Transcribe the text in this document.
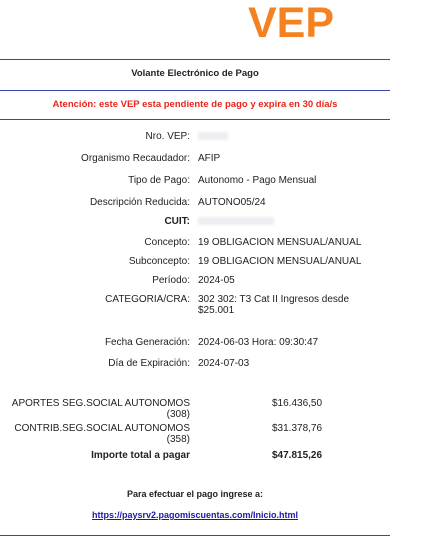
VEP
Volante Electrónico de Pago
Atención: este VEP esta pendiente de pago y expira en 30 día/s
Nro. VEP:
Organismo Recaudador: AFIP
Tipo de Pago: Autonomo - Pago Mensual
Descripción Reducida: AUTONO05/24
CUIT:
Concepto: 19 OBLIGACION MENSUAL/ANUAL
Subconcepto: 19 OBLIGACION MENSUAL/ANUAL
Período: 2024-05
CATEGORIA/CRA: 302 302: T3 Cat II Ingresos desde $25.001
Fecha Generación: 2024-06-03 Hora: 09:30:47
Día de Expiración: 2024-07-03
APORTES SEG.SOCIAL AUTONOMOS (308)
$16.436,50
CONTRIB.SEG.SOCIAL AUTONOMOS (358)
$31.378,76
Importe total a pagar	$47.815,26
Para efectuar el pago ingrese a:
https://paysrv2.pagomiscuentas.com/Inicio.html
